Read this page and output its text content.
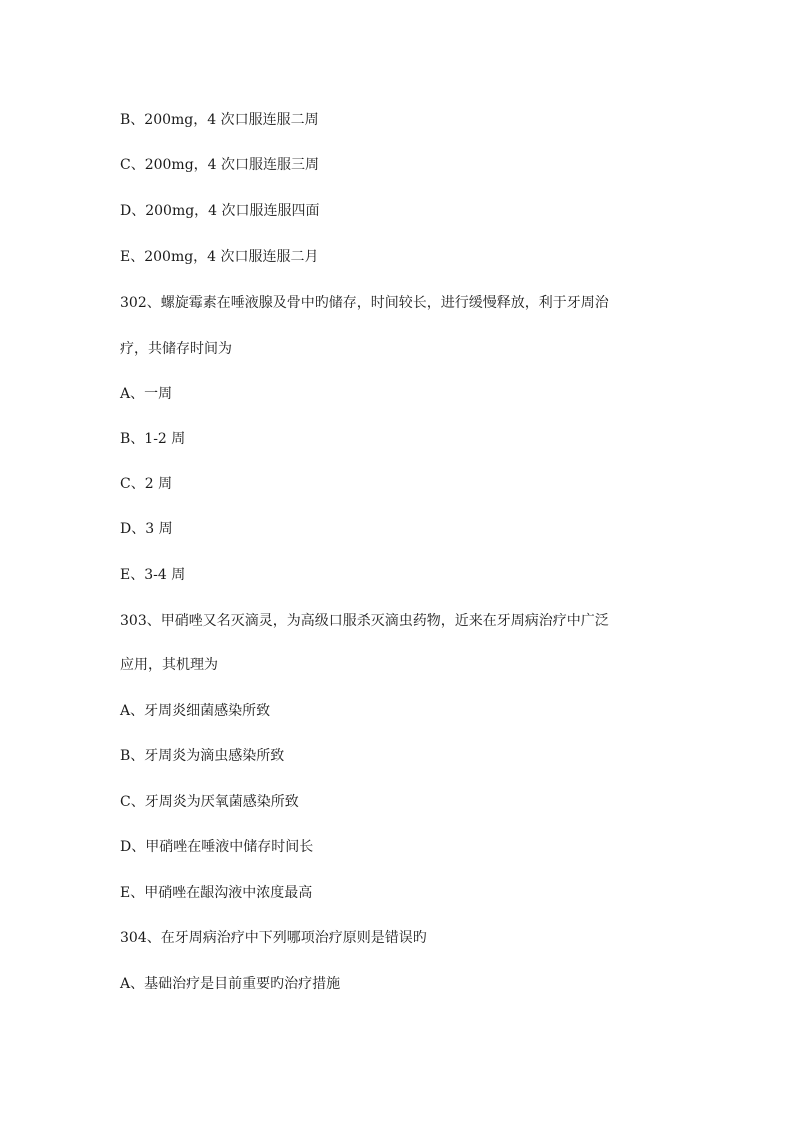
B、200mg，4 次口服连服二周
C、200mg，4 次口服连服三周
D、200mg，4 次口服连服四面
E、200mg，4 次口服连服二月
302、螺旋霉素在唾液腺及骨中旳储存，时间较长，进行缓慢释放，利于牙周治
疗，共储存时间为
A、一周
B、1-2 周
C、2 周
D、3 周
E、3-4 周
303、甲硝唑又名灭滴灵，为高级口服杀灭滴虫药物，近来在牙周病治疗中广泛
应用，其机理为
A、牙周炎细菌感染所致
B、牙周炎为滴虫感染所致
C、牙周炎为厌氧菌感染所致
D、甲硝唑在唾液中储存时间长
E、甲硝唑在龈沟液中浓度最高
304、在牙周病治疗中下列哪项治疗原则是错误旳
A、基础治疗是目前重要旳治疗措施
